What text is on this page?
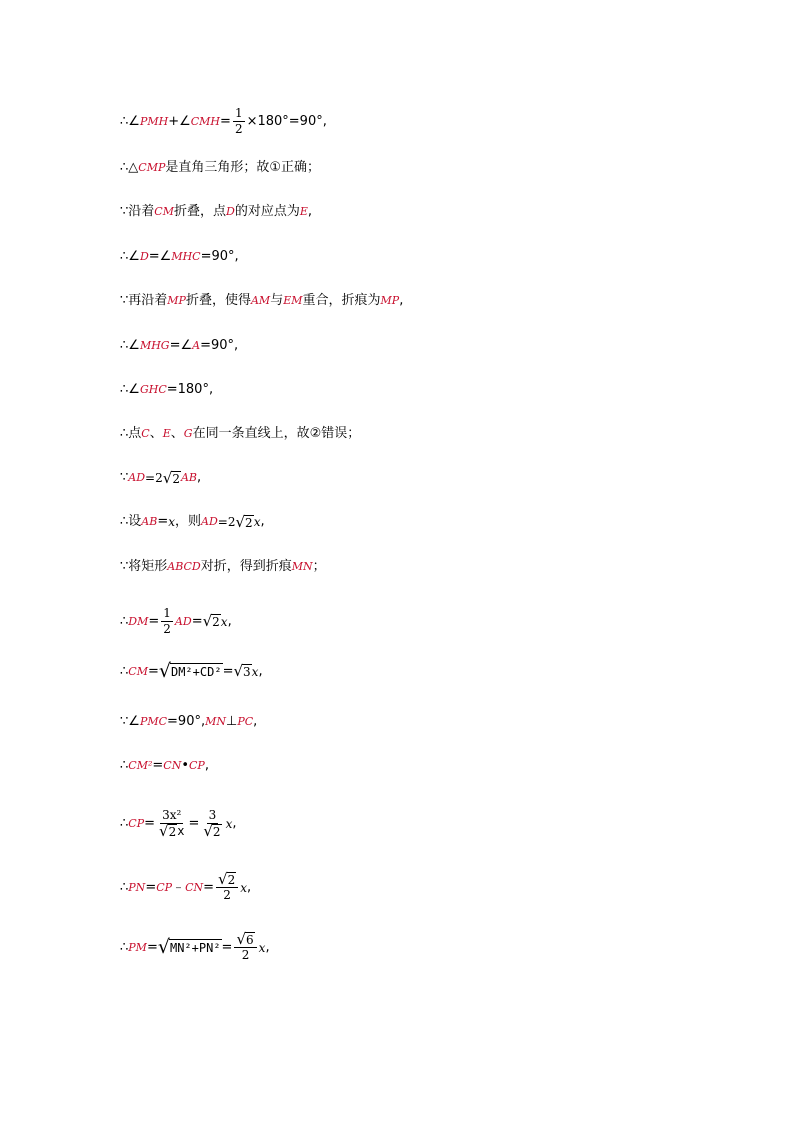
∴∠ PMH +∠ CMH = $\frac{1}{2} \times 180^\circ=90^\circ$,
∴△ CMP 是直角三角形；故①正确；
∵沿着 CM 折叠，点 D 的对应点为 E ,
∴∠ D =∠ MHC =90°,
∵再沿着 MP 折叠，使得 AM 与 EM 重合，折痕为 MP ,
∴∠ MHG =∠ A =90°,
∴∠ GHC =180°,
∴点 C 、 E 、 G 在同一条直线上，故②错误；
∵ AD =2 √ 2 AB ,
∴设 AB = x ，则 AD =2 √ 2 x ,
∵将矩形 ABCD 对折，得到折痕 MN ；
∴ DM = $\frac{1}{2}$ AD = √ 2 x ,
∴ CM = √ DM²+CD² = √ 3 x ,
∵∠ PMC =90°, MN ⊥ PC ,
∴ CM² = CN • CP ,
∴ CP = $\frac{\text{3x²}}{√ 2 x} = \frac{3}{√ 2}$ x ,
∴ PN = CP ﹣ CN = $\frac{√ 2}{2}$ x ,
∴ PM = √ $MN^2+PN^2 = \frac{√ 6}{2}$ x ,
